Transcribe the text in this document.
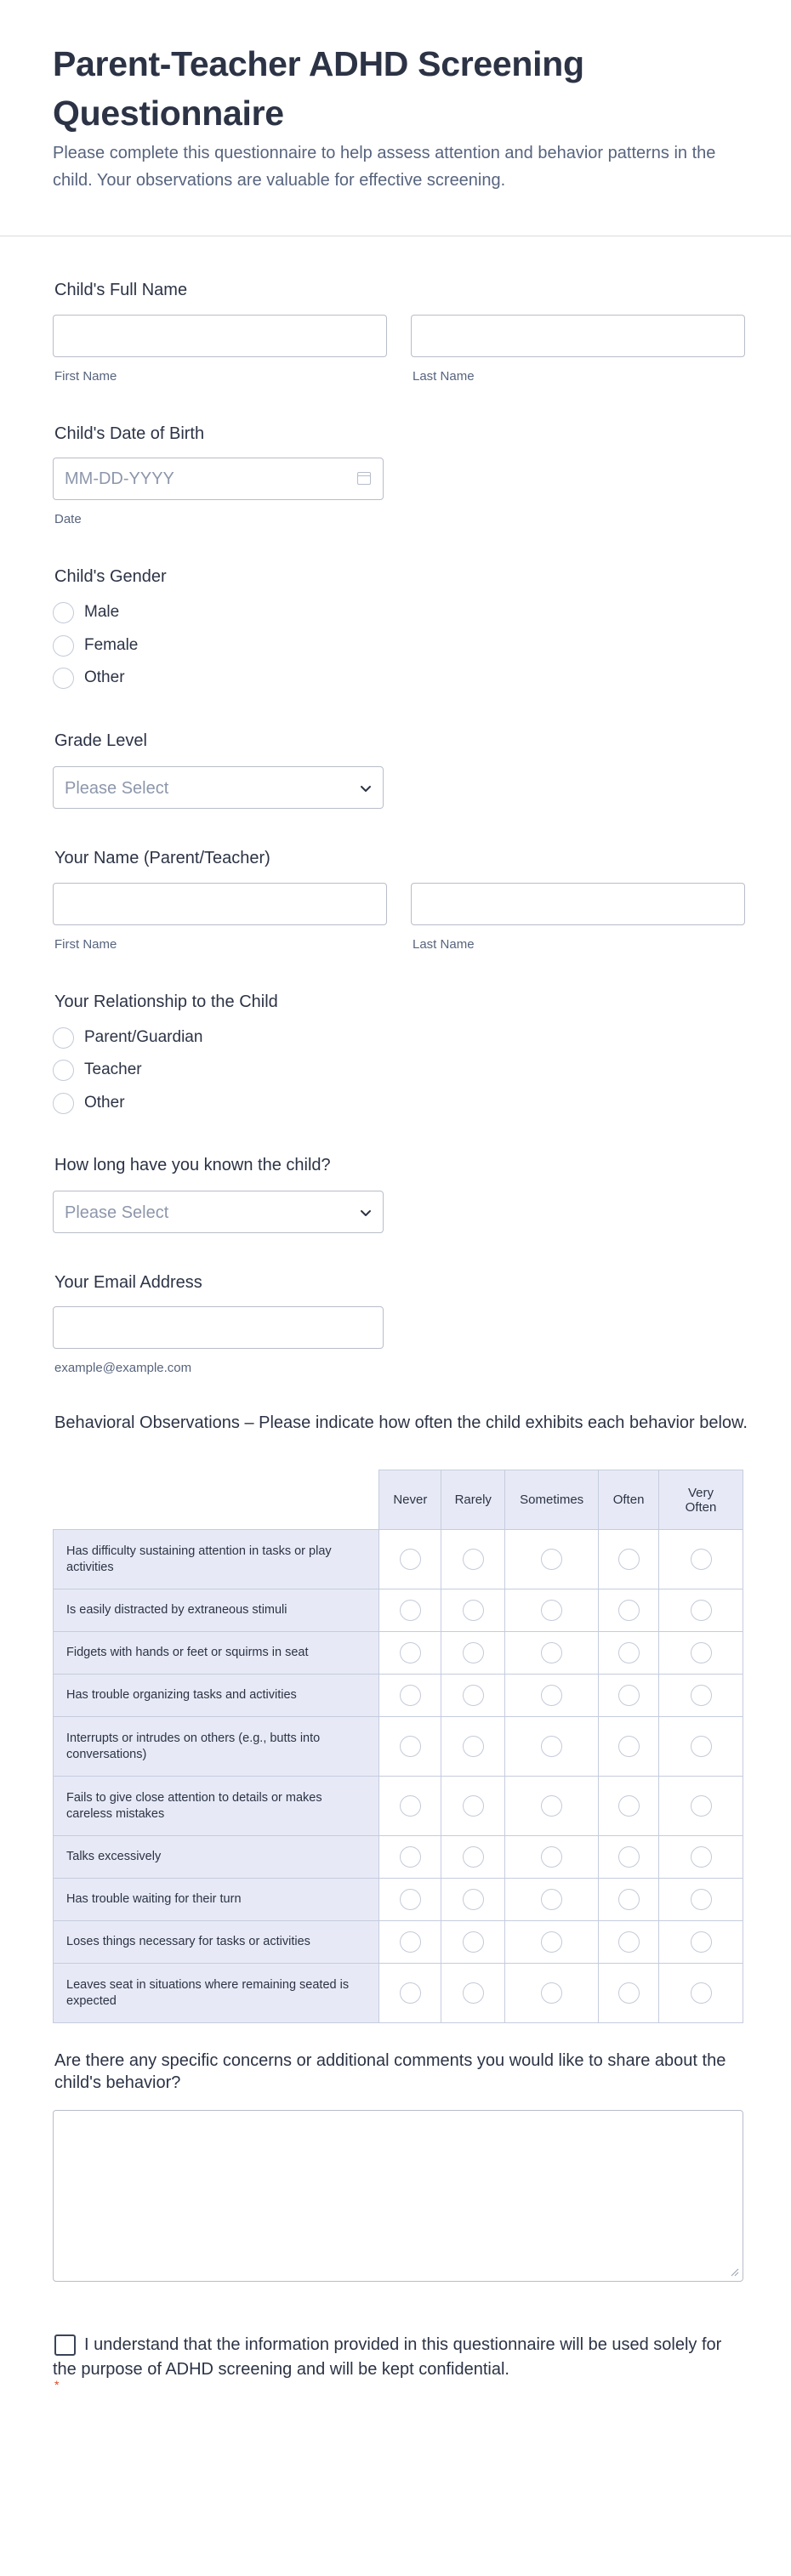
Parent-Teacher ADHD Screening Questionnaire

Please complete this questionnaire to help assess attention and behavior patterns in the child. Your observations are valuable for effective screening.

Child's Full Name
First Name	Last Name
Child's Date of Birth
MM-DD-YYYY
Date
Child's Gender
Male
Female
Other
Grade Level
Please Select
Your Name (Parent/Teacher)
First Name	Last Name
Your Relationship to the Child
Parent/Guardian
Teacher
Other
How long have you known the child?
Please Select
Your Email Address
example@example.com
Behavioral Observations – Please indicate how often the child exhibits each behavior below.
	Never	Rarely	Sometimes	Often	Very Often
Has difficulty sustaining attention in tasks or play activities					
Is easily distracted by extraneous stimuli					
Fidgets with hands or feet or squirms in seat					
Has trouble organizing tasks and activities					
Interrupts or intrudes on others (e.g., butts into conversations)					
Fails to give close attention to details or makes careless mistakes					
Talks excessively					
Has trouble waiting for their turn					
Loses things necessary for tasks or activities					
Leaves seat in situations where remaining seated is expected					
Are there any specific concerns or additional comments you would like to share about the child's behavior?

I understand that the information provided in this questionnaire will be used solely for the purpose of ADHD screening and will be kept confidential.

*
